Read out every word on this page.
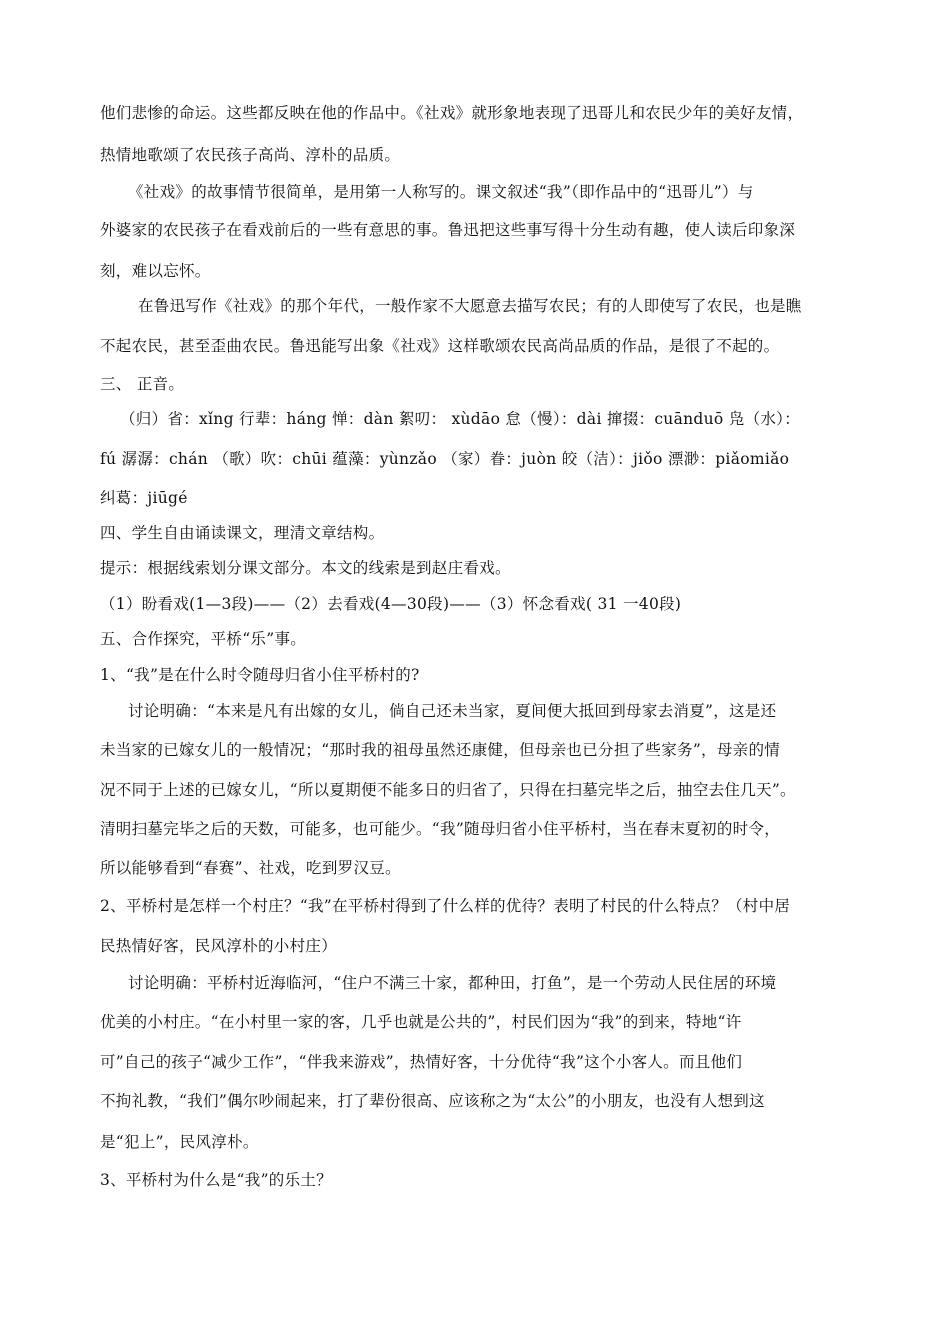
他们悲惨的命运。这些都反映在他的作品中。《社戏》就形象地表现了迅哥儿和农民少年的美好友情，
热情地歌颂了农民孩子高尚、淳朴的品质。
《社戏》的故事情节很简单，是用第一人称写的。课文叙述“我”（即作品中的“迅哥儿”）与
外婆家的农民孩子在看戏前后的一些有意思的事。鲁迅把这些事写得十分生动有趣，使人读后印象深
刻，难以忘怀。
在鲁迅写作《社戏》的那个年代，一般作家不大愿意去描写农民；有的人即使写了农民，也是瞧
不起农民，甚至歪曲农民。鲁迅能写出象《社戏》这样歌颂农民高尚品质的作品，是很了不起的。
三、 正音。
（归）省：xǐng 行辈：háng 惮：dàn 絮叨： xùdāo 怠（慢）：dài 撺掇：cuānduō 凫（水）：
fú 潺潺：chán （歌）吹：chūi 蕴藻：yùnzǎo （家）眷：juòn 皎（洁）：jiǒo 漂渺：piǎomiǎo
纠葛：jiūgé
四、学生自由诵读课文，理清文章结构。
提示：根据线索划分课文部分。本文的线索是到赵庄看戏。
（1）盼看戏(1—3段)——（2）去看戏(4—30段)——（3）怀念看戏( 31 一40段)
五、合作探究，平桥“乐”事。
1、“我”是在什么时令随母归省小住平桥村的?
讨论明确：“本来是凡有出嫁的女儿，倘自己还未当家，夏间便大抵回到母家去消夏”，这是还
未当家的已嫁女儿的一般情况；“那时我的祖母虽然还康健，但母亲也已分担了些家务”，母亲的情
况不同于上述的已嫁女儿，“所以夏期便不能多日的归省了，只得在扫墓完毕之后，抽空去住几天”。
清明扫墓完毕之后的天数，可能多，也可能少。“我”随母归省小住平桥村，当在春末夏初的时令，
所以能够看到“春赛”、社戏，吃到罗汉豆。
2、平桥村是怎样一个村庄？“我”在平桥村得到了什么样的优待？表明了村民的什么特点？（村中居
民热情好客，民风淳朴的小村庄）
讨论明确：平桥村近海临河，“住户不满三十家，都种田，打鱼”，是一个劳动人民住居的环境
优美的小村庄。“在小村里一家的客，几乎也就是公共的”，村民们因为“我”的到来，特地“许
可”自己的孩子“减少工作”，“伴我来游戏”，热情好客，十分优待“我”这个小客人。而且他们
不拘礼教，“我们”偶尔吵闹起来，打了辈份很高、应该称之为“太公”的小朋友，也没有人想到这
是“犯上”，民风淳朴。
3、平桥村为什么是“我”的乐土？
